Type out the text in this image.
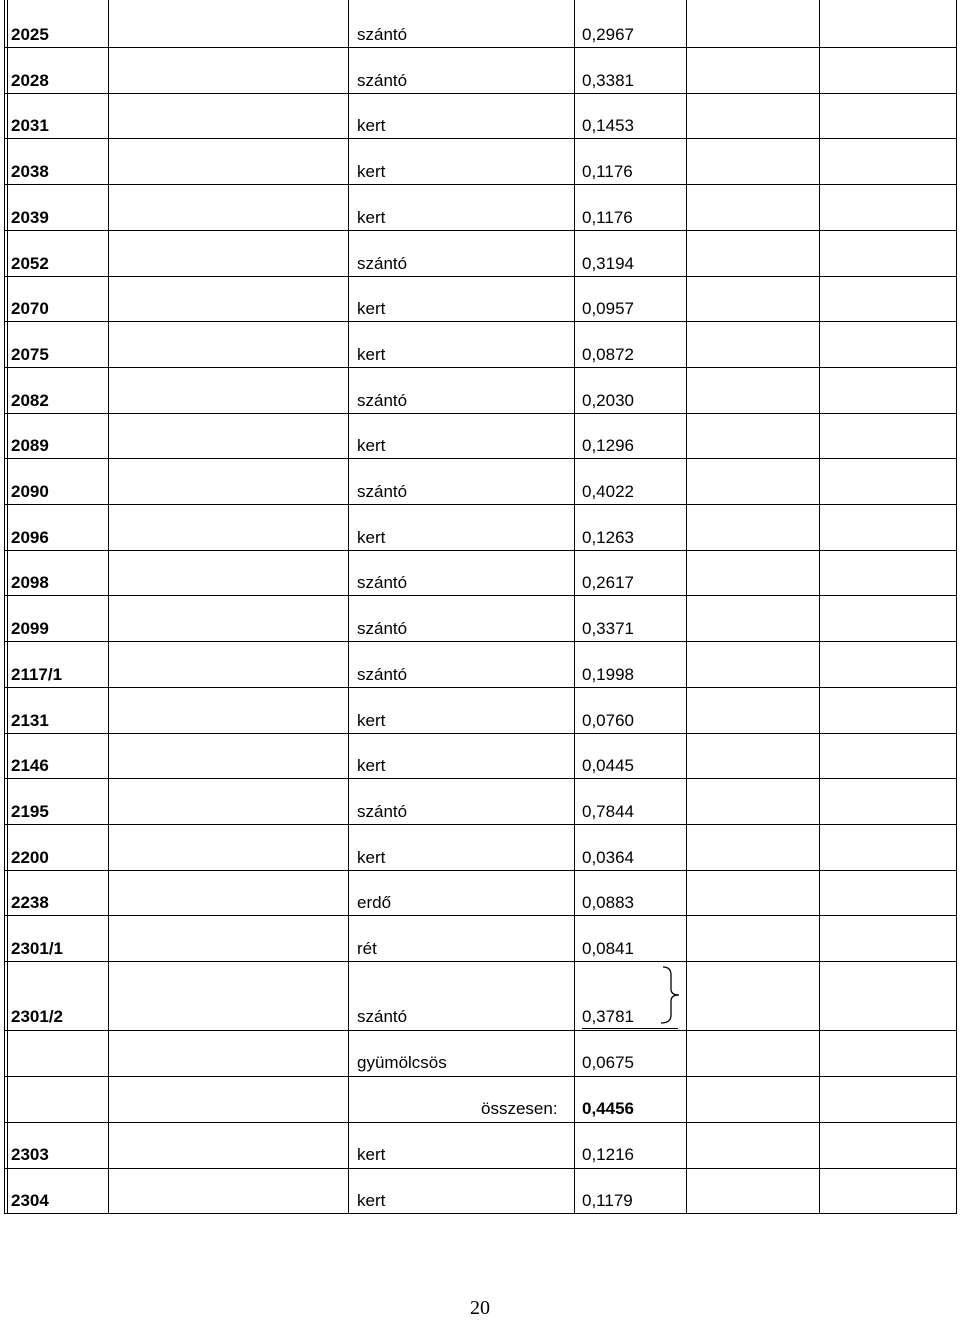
2025	szántó	0,2967
2028	szántó	0,3381
2031	kert	0,1453
2038	kert	0,1176
2039	kert	0,1176
2052	szántó	0,3194
2070	kert	0,0957
2075	kert	0,0872
2082	szántó	0,2030
2089	kert	0,1296
2090	szántó	0,4022
2096	kert	0,1263
2098	szántó	0,2617
2099	szántó	0,3371
2117/1	szántó	0,1998
2131	kert	0,0760
2146	kert	0,0445
2195	szántó	0,7844
2200	kert	0,0364
2238	erdő	0,0883
2301/1	rét	0,0841
2301/2	szántó	0,3781
gyümölcsös	0,0675
összesen: 0,4456
2303	kert	0,1216
2304	kert	0,1179
20
